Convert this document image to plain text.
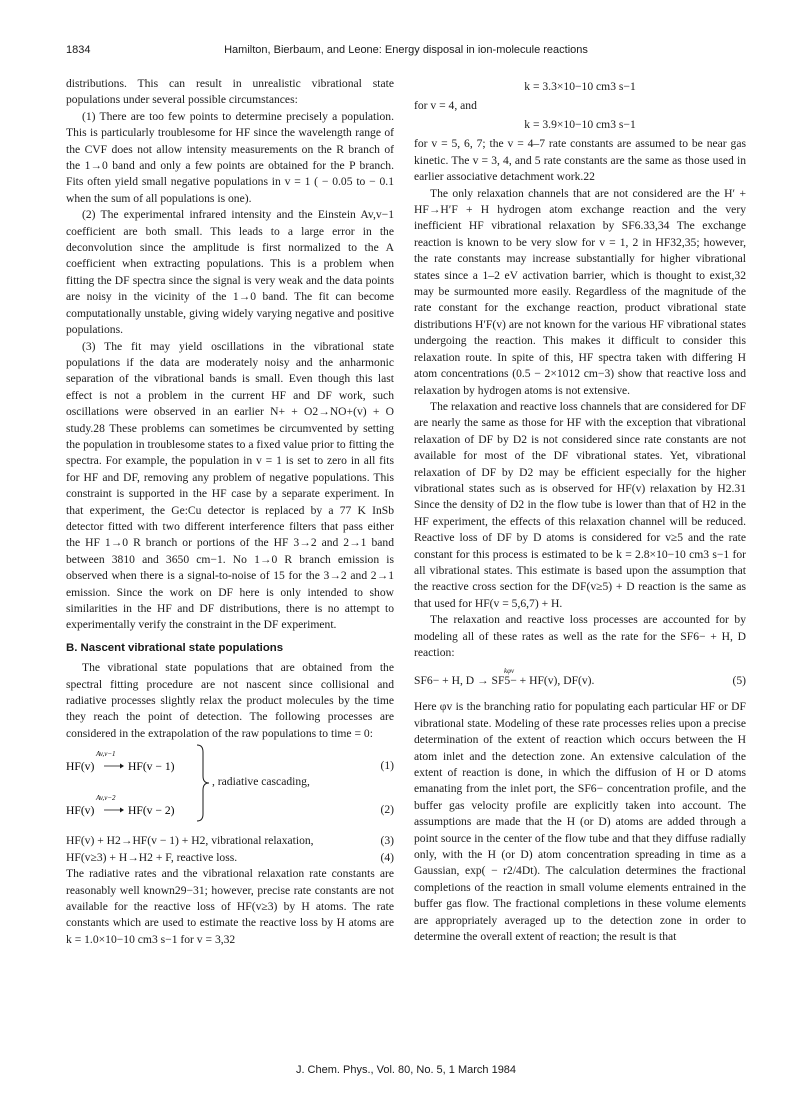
1834	Hamilton, Bierbaum, and Leone: Energy disposal in ion-molecule reactions

distributions. This can result in unrealistic vibrational state populations under several possible circumstances:

(1) There are too few points to determine precisely a population. This is particularly troublesome for HF since the wavelength range of the CVF does not allow intensity measurements on the R branch of the 1→0 band and only a few points are obtained for the P branch. Fits often yield small negative populations in v = 1 ( − 0.05 to − 0.1 when the sum of all populations is one).

(2) The experimental infrared intensity and the Einstein Av,v−1 coefficient are both small. This leads to a large error in the deconvolution since the amplitude is first normalized to the A coefficient when extracting populations. This is a problem when fitting the DF spectra since the signal is very weak and the data points are noisy in the vicinity of the 1→0 band. The fit can become computationally unstable, giving widely varying negative and positive populations.

(3) The fit may yield oscillations in the vibrational state populations if the data are moderately noisy and the anharmonic separation of the vibrational bands is small. Even though this last effect is not a problem in the current HF and DF work, such oscillations were observed in an earlier N+ + O2→NO+(v) + O study.28 These problems can sometimes be circumvented by setting the population in troublesome states to a fixed value prior to fitting the spectra. For example, the population in v = 1 is set to zero in all fits for HF and DF, removing any problem of negative populations. This constraint is supported in the HF case by a separate experiment. In that experiment, the Ge:Cu detector is replaced by a 77 K InSb detector fitted with two different interference filters that pass either the HF 1→0 R branch or portions of the HF 3→2 and 2→1 band between 3810 and 3650 cm−1. No 1→0 R branch emission is observed when there is a signal-to-noise of 15 for the 3→2 and 2→1 emission. Since the work on DF here is only intended to show similarities in the HF and DF distributions, there is no attempt to experimentally verify the constraint in the DF experiment.

B. Nascent vibrational state populations

The vibrational state populations that are obtained from the spectral fitting procedure are not nascent since collisional and radiative processes slightly relax the product molecules by the time they reach the point of detection. The following processes are considered in the extrapolation of the raw populations to time = 0:

Av,v−1
HF(v)	HF(v − 1)
Av,v−2
HF(v)	HF(v − 2)
, radiative cascading,
(1)
(2)
HF(v) + H2→HF(v − 1) + H2, vibrational relaxation,	(3)
HF(v≥3) + H→H2 + F, reactive loss.	(4)

The radiative rates and the vibrational relaxation rate constants are reasonably well known29−31; however, precise rate constants are not available for the reactive loss of HF(v≥3) by H atoms. The rate constants which are used to estimate the reactive loss by H atoms are k = 1.0×10−10 cm3 s−1 for v = 3,32

k = 3.3×10−10 cm3 s−1

for v = 4, and

k = 3.9×10−10 cm3 s−1

for v = 5, 6, 7; the v = 4–7 rate constants are assumed to be near gas kinetic. The v = 3, 4, and 5 rate constants are the same as those used in earlier associative detachment work.22

The only relaxation channels that are not considered are the H′ + HF→H′F + H hydrogen atom exchange reaction and the very inefficient HF vibrational relaxation by SF6.33,34 The exchange reaction is known to be very slow for v = 1, 2 in HF32,35; however, the rate constants may increase substantially for higher vibrational states since a 1–2 eV activation barrier, which is thought to exist,32 may be surmounted more easily. Regardless of the magnitude of the rate constant for the exchange reaction, product vibrational state distributions H′F(v) are not known for the various HF vibrational states undergoing the reaction. This makes it difficult to consider this relaxation route. In spite of this, HF spectra taken with differing H atom concentrations (0.5 − 2×1012 cm−3) show that reactive loss and relaxation by hydrogen atoms is not extensive.

The relaxation and reactive loss channels that are considered for DF are nearly the same as those for HF with the exception that vibrational relaxation of DF by D2 is not considered since rate constants are not available for most of the DF vibrational states. Yet, vibrational relaxation of DF by D2 may be efficient especially for the higher vibrational states such as is observed for HF(v) relaxation by H2.31 Since the density of D2 in the flow tube is lower than that of H2 in the HF experiment, the effects of this relaxation channel will be reduced. Reactive loss of DF by D atoms is considered for v≥5 and the rate constant for this process is estimated to be k = 2.8×10−10 cm3 s−1 for all vibrational states. This estimate is based upon the assumption that the reactive cross section for the DF(v≥5) + D reaction is the same as that used for HF(v = 5,6,7) + H.

The relaxation and reactive loss processes are accounted for by modeling all of these rates as well as the rate for the SF6− + H, D reaction:

kφv
SF6− + H, D → SF5− + HF(v), DF(v).	(5)

Here φv is the branching ratio for populating each particular HF or DF vibrational state. Modeling of these rate processes relies upon a precise determination of the extent of reaction which occurs between the H atom inlet and the detection zone. An extensive calculation of the extent of reaction is done, in which the diffusion of H or D atoms emanating from the inlet port, the SF6− concentration profile, and the buffer gas velocity profile are explicitly taken into account. The assumptions are made that the H (or D) atoms are added through a point source in the center of the flow tube and that they diffuse radially only, with the H (or D) atom concentration spreading in time as a Gaussian, exp( − r2/4Dt). The calculation determines the fractional completions of the reaction in small volume elements entrained in the buffer gas flow. The fractional completions in these volume elements are appropriately averaged up to the detection zone in order to determine the overall extent of reaction; the result is that

J. Chem. Phys., Vol. 80, No. 5, 1 March 1984
